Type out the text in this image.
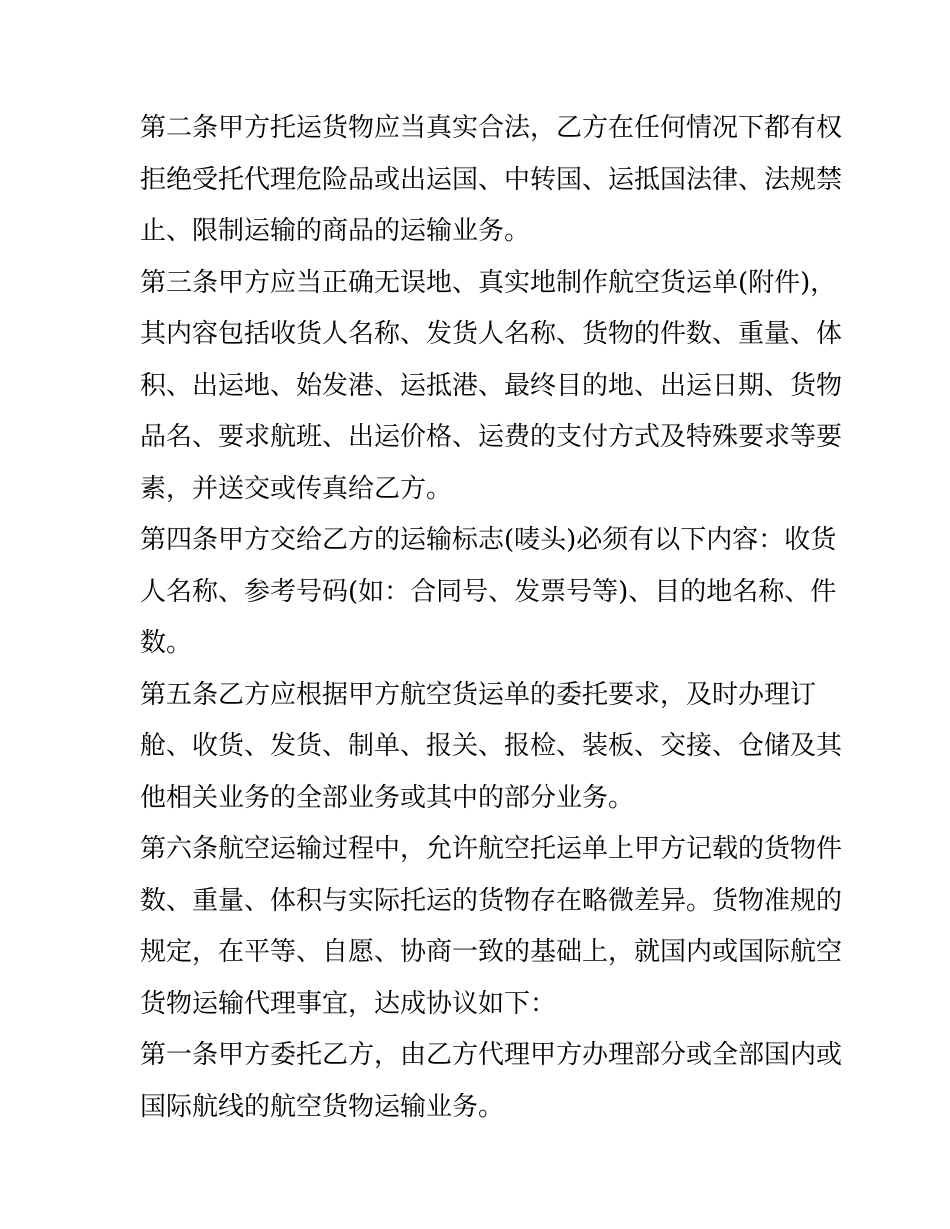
第二条甲方托运货物应当真实合法，乙方在任何情况下都有权
拒绝受托代理危险品或出运国、中转国、运抵国法律、法规禁
止、限制运输的商品的运输业务。
第三条甲方应当正确无误地、真实地制作航空货运单(附件)，
其内容包括收货人名称、发货人名称、货物的件数、重量、体
积、出运地、始发港、运抵港、最终目的地、出运日期、货物
品名、要求航班、出运价格、运费的支付方式及特殊要求等要
素，并送交或传真给乙方。
第四条甲方交给乙方的运输标志(唛头)必须有以下内容：收货
人名称、参考号码(如：合同号、发票号等)、目的地名称、件
数。
第五条乙方应根据甲方航空货运单的委托要求，及时办理订
舱、收货、发货、制单、报关、报检、装板、交接、仓储及其
他相关业务的全部业务或其中的部分业务。
第六条航空运输过程中，允许航空托运单上甲方记载的货物件
数、重量、体积与实际托运的货物存在略微差异。货物准规的
规定，在平等、自愿、协商一致的基础上，就国内或国际航空
货物运输代理事宜，达成协议如下：
第一条甲方委托乙方，由乙方代理甲方办理部分或全部国内或
国际航线的航空货物运输业务。
